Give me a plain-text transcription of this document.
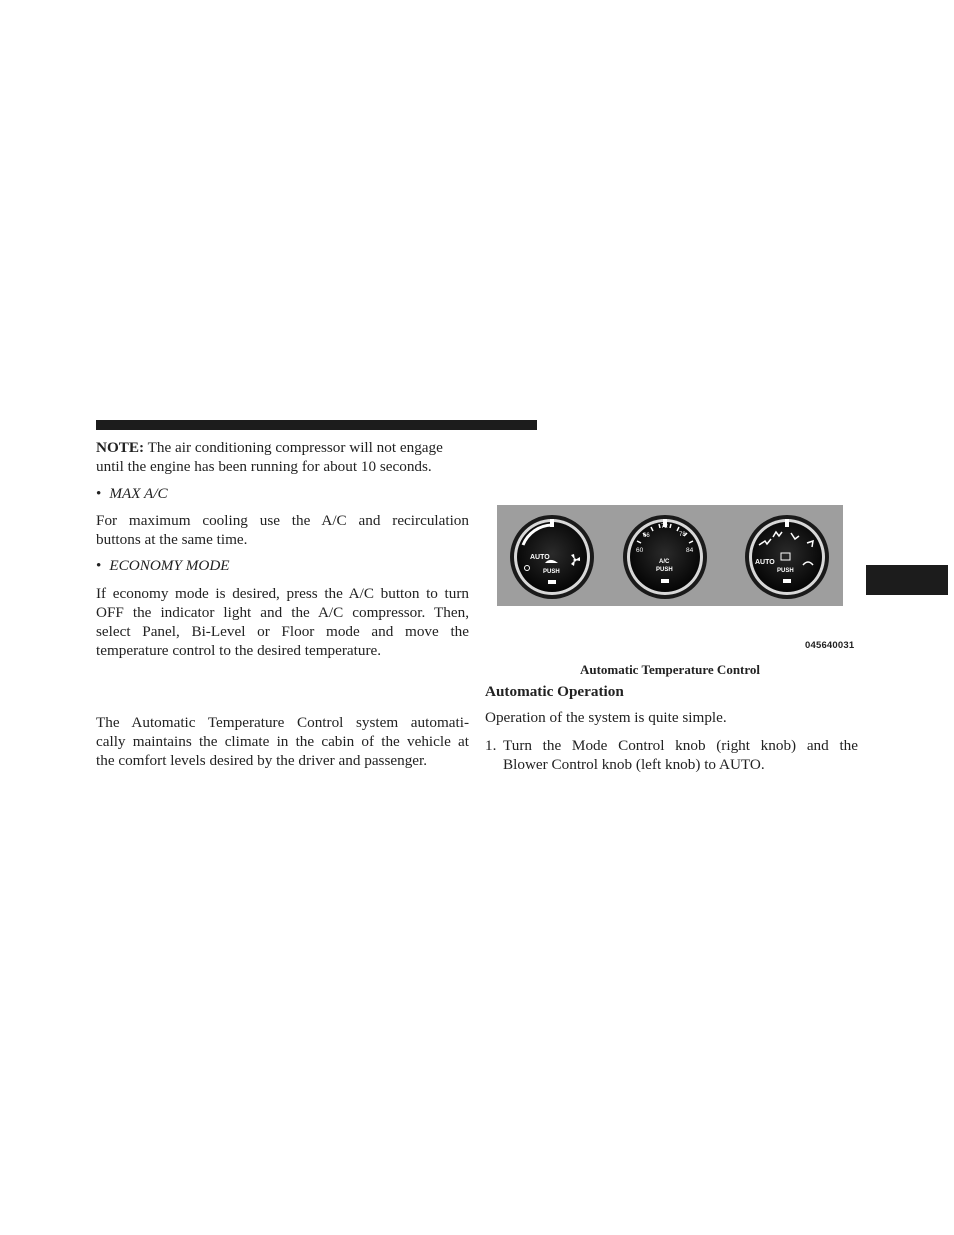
NOTE: The air conditioning compressor will not engage
until the engine has been running for about 10 seconds.

• MAX A/C

For maximum cooling use the A/C and recirculation
buttons at the same time.

• ECONOMY MODE

If economy mode is desired, press the A/C button to turn
OFF the indicator light and the A/C compressor. Then,
select Panel, Bi-Level or Floor mode and move the
temperature control to the desired temperature.

The Automatic Temperature Control system automati-
cally maintains the climate in the cabin of the vehicle at
the comfort levels desired by the driver and passenger.

AUTO
PUSH
66
72
78
60	84
A/C
PUSH
AUTO
PUSH
045640031
Automatic Temperature Control

Automatic Operation

Operation of the system is quite simple.

1. Turn the Mode Control knob (right knob) and the
Blower Control knob (left knob) to AUTO.
